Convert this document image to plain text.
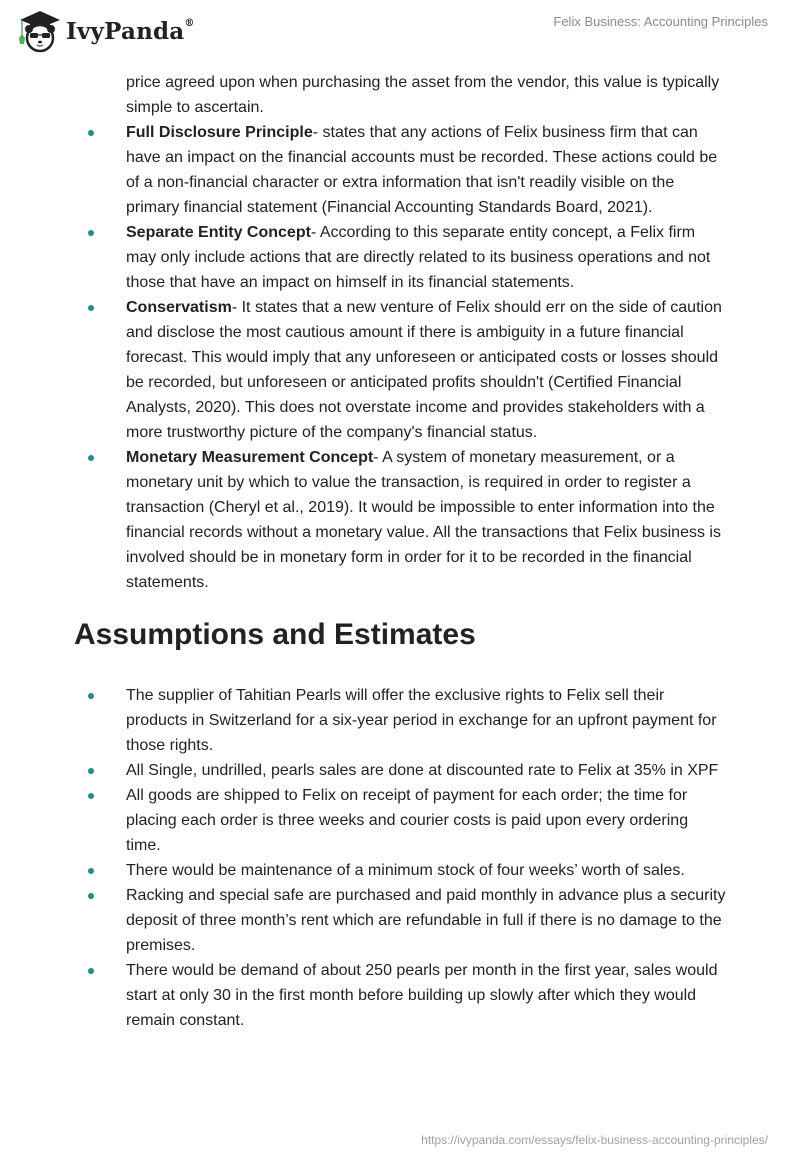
IvyPanda®	Felix Business: Accounting Principles
price agreed upon when purchasing the asset from the vendor, this value is typically simple to ascertain.
Full Disclosure Principle- states that any actions of Felix business firm that can have an impact on the financial accounts must be recorded. These actions could be of a non-financial character or extra information that isn't readily visible on the primary financial statement (Financial Accounting Standards Board, 2021).
Separate Entity Concept- According to this separate entity concept, a Felix firm may only include actions that are directly related to its business operations and not those that have an impact on himself in its financial statements.
Conservatism- It states that a new venture of Felix should err on the side of caution and disclose the most cautious amount if there is ambiguity in a future financial forecast. This would imply that any unforeseen or anticipated costs or losses should be recorded, but unforeseen or anticipated profits shouldn't (Certified Financial Analysts, 2020). This does not overstate income and provides stakeholders with a more trustworthy picture of the company's financial status.
Monetary Measurement Concept- A system of monetary measurement, or a monetary unit by which to value the transaction, is required in order to register a transaction (Cheryl et al., 2019). It would be impossible to enter information into the financial records without a monetary value. All the transactions that Felix business is involved should be in monetary form in order for it to be recorded in the financial statements.
Assumptions and Estimates
The supplier of Tahitian Pearls will offer the exclusive rights to Felix sell their products in Switzerland for a six-year period in exchange for an upfront payment for those rights.
All Single, undrilled, pearls sales are done at discounted rate to Felix at 35% in XPF
All goods are shipped to Felix on receipt of payment for each order; the time for placing each order is three weeks and courier costs is paid upon every ordering time.
There would be maintenance of a minimum stock of four weeks’ worth of sales.
Racking and special safe are purchased and paid monthly in advance plus a security deposit of three month’s rent which are refundable in full if there is no damage to the premises.
There would be demand of about 250 pearls per month in the first year, sales would start at only 30 in the first month before building up slowly after which they would remain constant.
https://ivypanda.com/essays/felix-business-accounting-principles/
